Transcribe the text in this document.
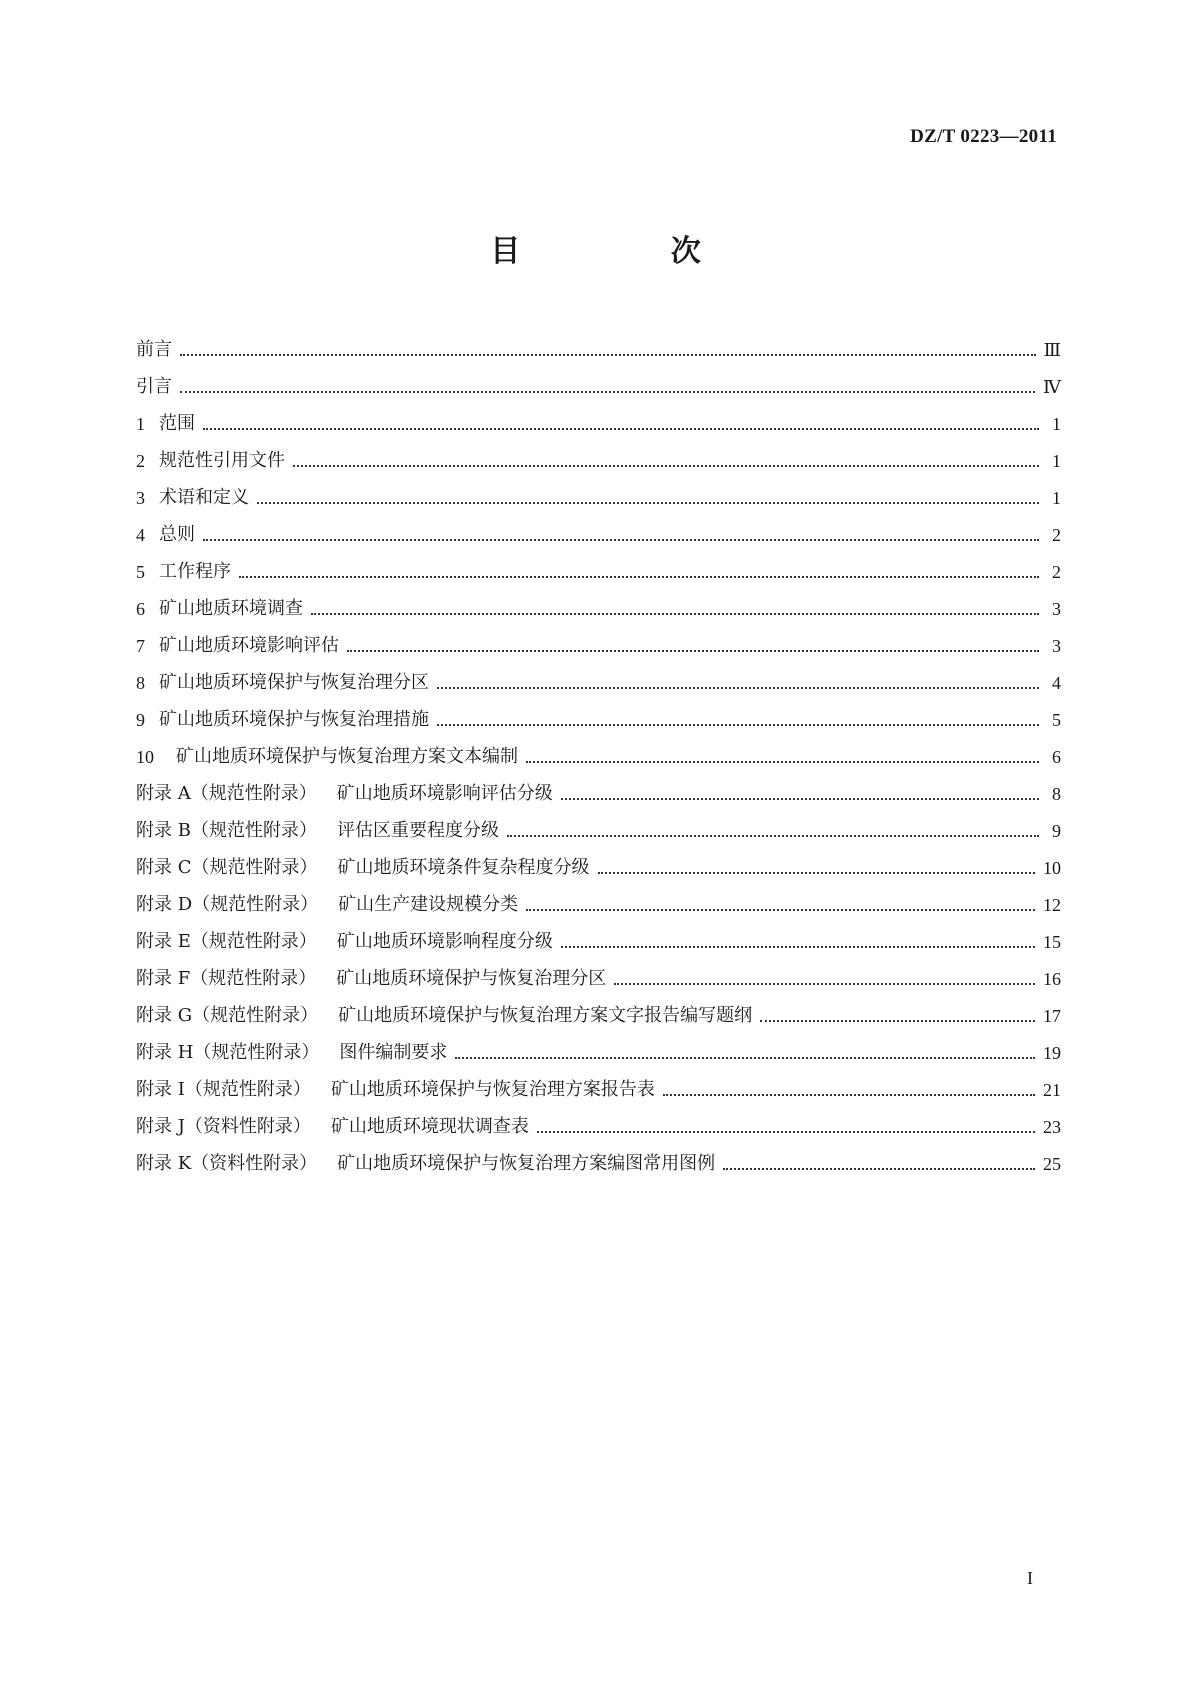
DZ/T 0223—2011
目 次
前言	Ⅲ
引言	Ⅳ
1 范围	1
2 规范性引用文件	1
3 术语和定义	1
4 总则	2
5 工作程序	2
6 矿山地质环境调查	3
7 矿山地质环境影响评估	3
8 矿山地质环境保护与恢复治理分区	4
9 矿山地质环境保护与恢复治理措施	5
10 矿山地质环境保护与恢复治理方案文本编制	6
附录 A（规范性附录） 矿山地质环境影响评估分级	8
附录 B（规范性附录） 评估区重要程度分级	9
附录 C（规范性附录） 矿山地质环境条件复杂程度分级	10
附录 D（规范性附录） 矿山生产建设规模分类	12
附录 E（规范性附录） 矿山地质环境影响程度分级	15
附录 F（规范性附录） 矿山地质环境保护与恢复治理分区	16
附录 G（规范性附录） 矿山地质环境保护与恢复治理方案文字报告编写题纲	17
附录 H（规范性附录） 图件编制要求	19
附录 I（规范性附录） 矿山地质环境保护与恢复治理方案报告表	21
附录 J（资料性附录） 矿山地质环境现状调查表	23
附录 K（资料性附录） 矿山地质环境保护与恢复治理方案编图常用图例	25
I
